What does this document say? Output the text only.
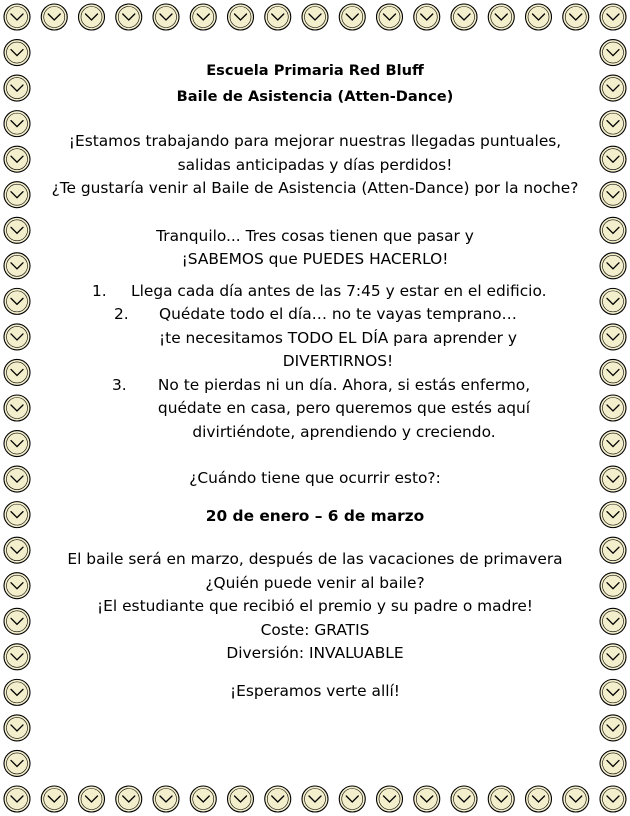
Escuela Primaria Red Bluff
Baile de Asistencia (Atten-Dance)
¡Estamos trabajando para mejorar nuestras llegadas puntuales, salidas anticipadas y días perdidos!
¿Te gustaría venir al Baile de Asistencia (Atten-Dance) por la noche?
Tranquilo... Tres cosas tienen que pasar y
¡SABEMOS que PUEDES HACERLO!
1. Llega cada día antes de las 7:45 y estar en el edificio.
2. Quédate todo el día… no te vayas temprano… ¡te necesitamos TODO EL DÍA para aprender y DIVERTIRNOS!
3. No te pierdas ni un día. Ahora, si estás enfermo, quédate en casa, pero queremos que estés aquí divirtiéndote, aprendiendo y creciendo.
¿Cuándo tiene que ocurrir esto?:
20 de enero – 6 de marzo
El baile será en marzo, después de las vacaciones de primavera
¿Quién puede venir al baile?
¡El estudiante que recibió el premio y su padre o madre!
Coste: GRATIS
Diversión: INVALUABLE
¡Esperamos verte allí!
